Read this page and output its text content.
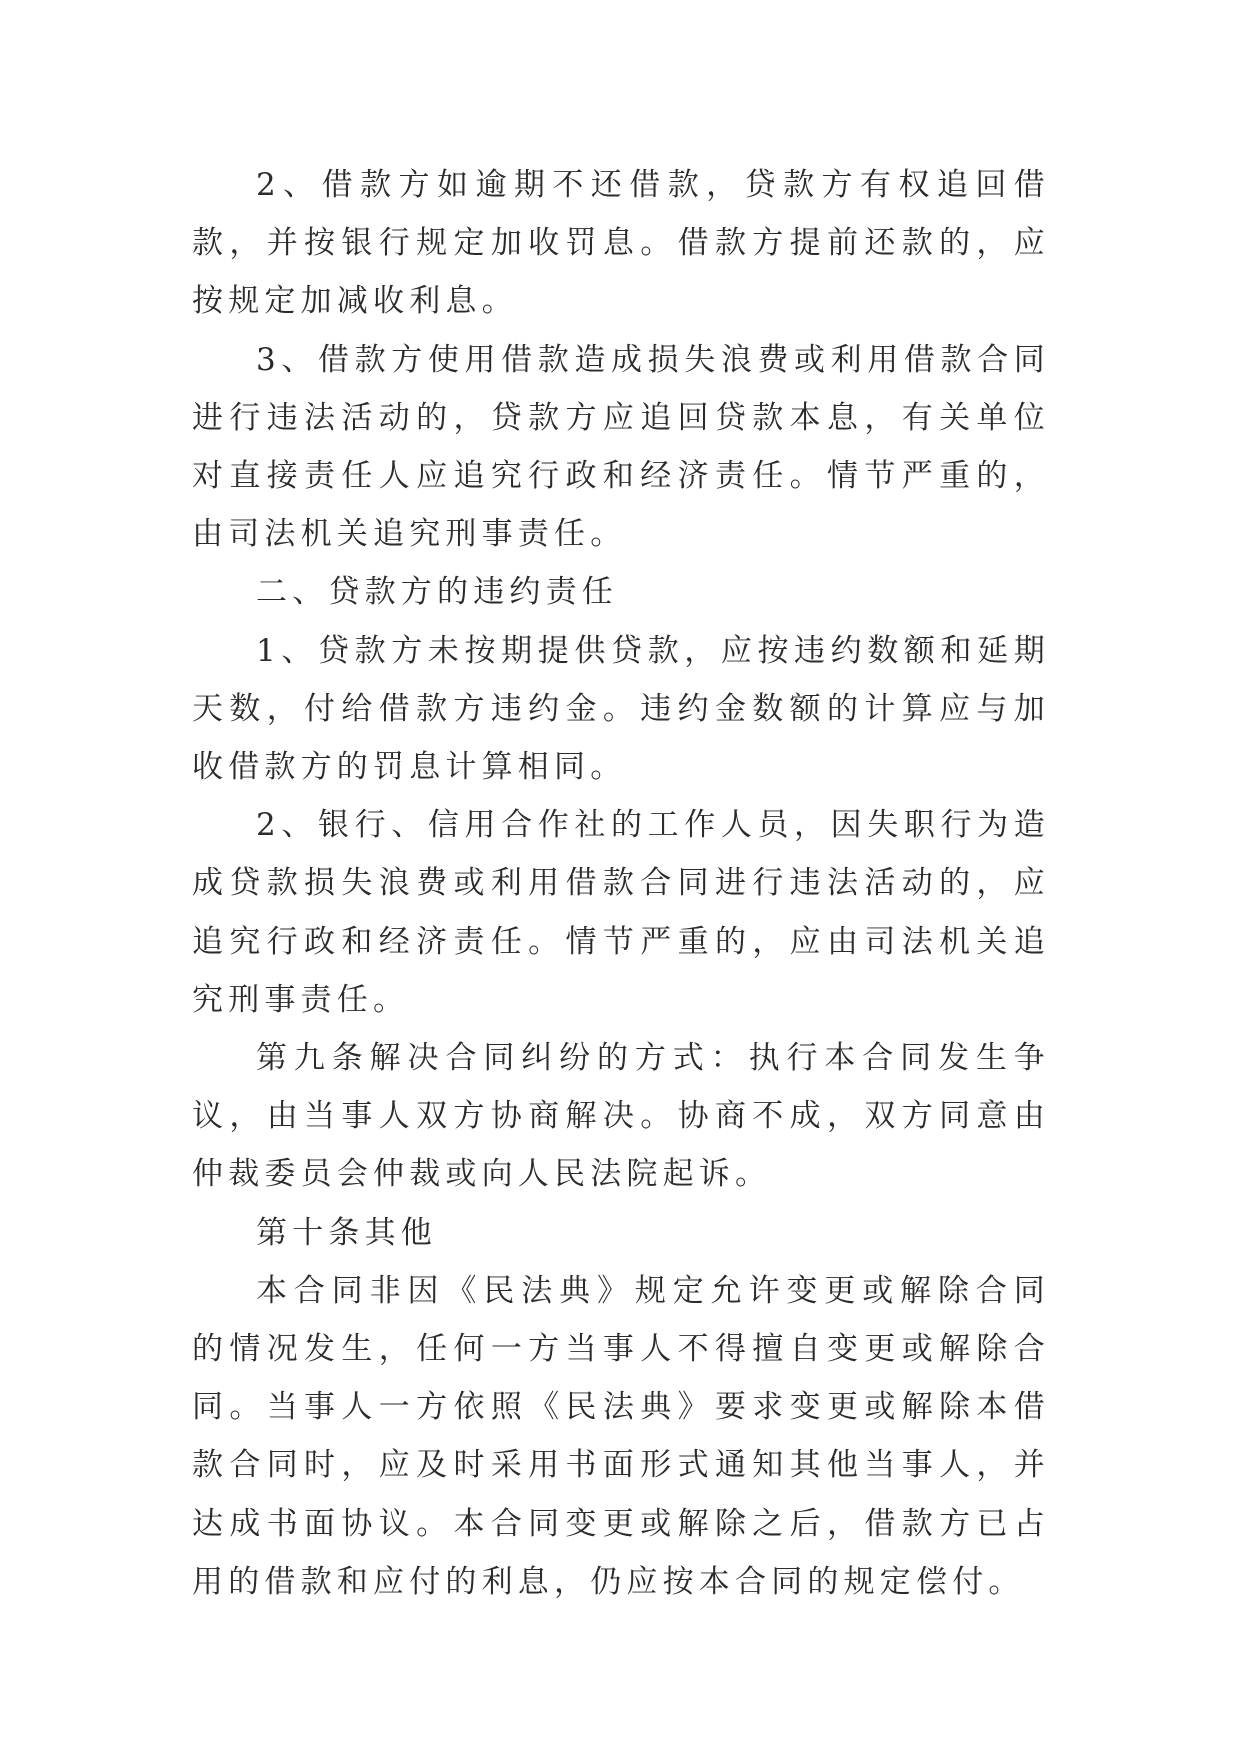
2、借款方如逾期不还借款，贷款方有权追回借款，并按银行规定加收罚息。借款方提前还款的，应按规定加减收利息。

3、借款方使用借款造成损失浪费或利用借款合同进行违法活动的，贷款方应追回贷款本息，有关单位对直接责任人应追究行政和经济责任。情节严重的，由司法机关追究刑事责任。

二、贷款方的违约责任

1、贷款方未按期提供贷款，应按违约数额和延期天数，付给借款方违约金。违约金数额的计算应与加收借款方的罚息计算相同。

2、银行、信用合作社的工作人员，因失职行为造成贷款损失浪费或利用借款合同进行违法活动的，应追究行政和经济责任。情节严重的，应由司法机关追究刑事责任。

第九条解决合同纠纷的方式：执行本合同发生争议，由当事人双方协商解决。协商不成，双方同意由仲裁委员会仲裁或向人民法院起诉。

第十条其他

本合同非因《民法典》规定允许变更或解除合同的情况发生，任何一方当事人不得擅自变更或解除合同。当事人一方依照《民法典》要求变更或解除本借款合同时，应及时采用书面形式通知其他当事人，并达成书面协议。本合同变更或解除之后，借款方已占用的借款和应付的利息，仍应按本合同的规定偿付。
